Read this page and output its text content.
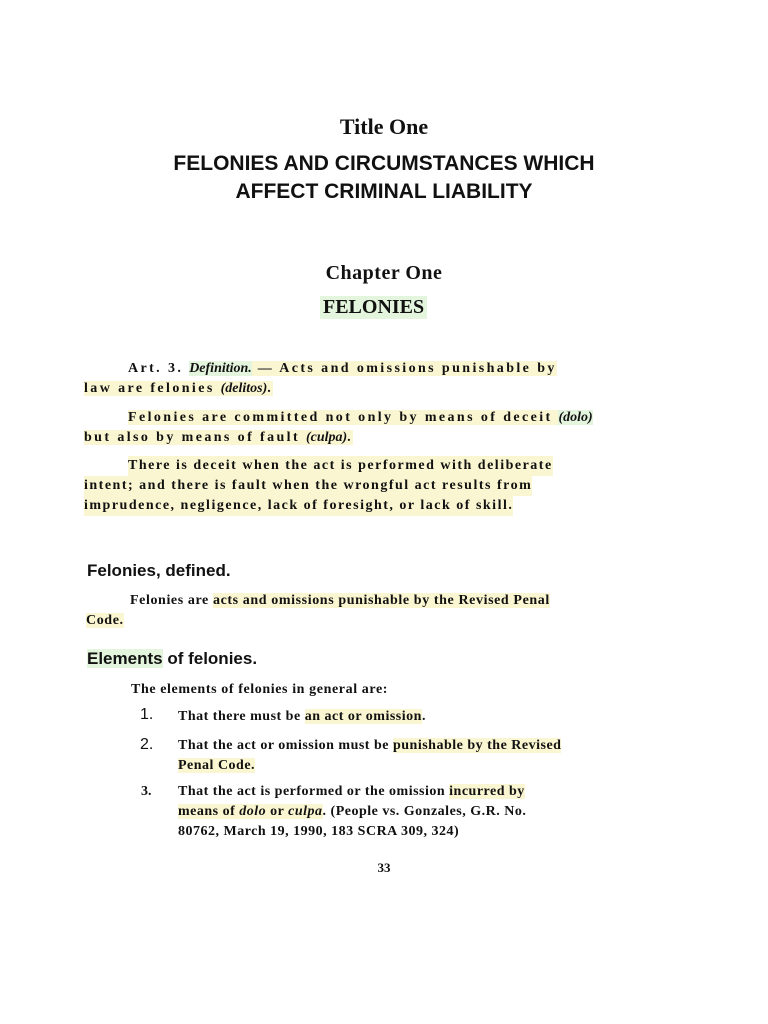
Title One
FELONIES AND CIRCUMSTANCES WHICH
AFFECT CRIMINAL LIABILITY
Chapter One
FELONIES
Art. 3. Definition. — Acts and omissions punishable by
law are felonies (delitos).
Felonies are committed not only by means of deceit (dolo)
but also by means of fault (culpa).
There is deceit when the act is performed with deliberate intent; and there is fault when the wrongful act results from imprudence, negligence, lack of foresight, or lack of skill.
Felonies, defined.
Felonies are acts and omissions punishable by the Revised Penal
Code.
Elements of felonies.
The elements of felonies in general are:
1. That there must be an act or omission.
2. That the act or omission must be punishable by the Revised
Penal Code.
3. That the act is performed or the omission incurred by
means of dolo or culpa. (People vs. Gonzales, G.R. No.
80762, March 19, 1990, 183 SCRA 309, 324)
33
